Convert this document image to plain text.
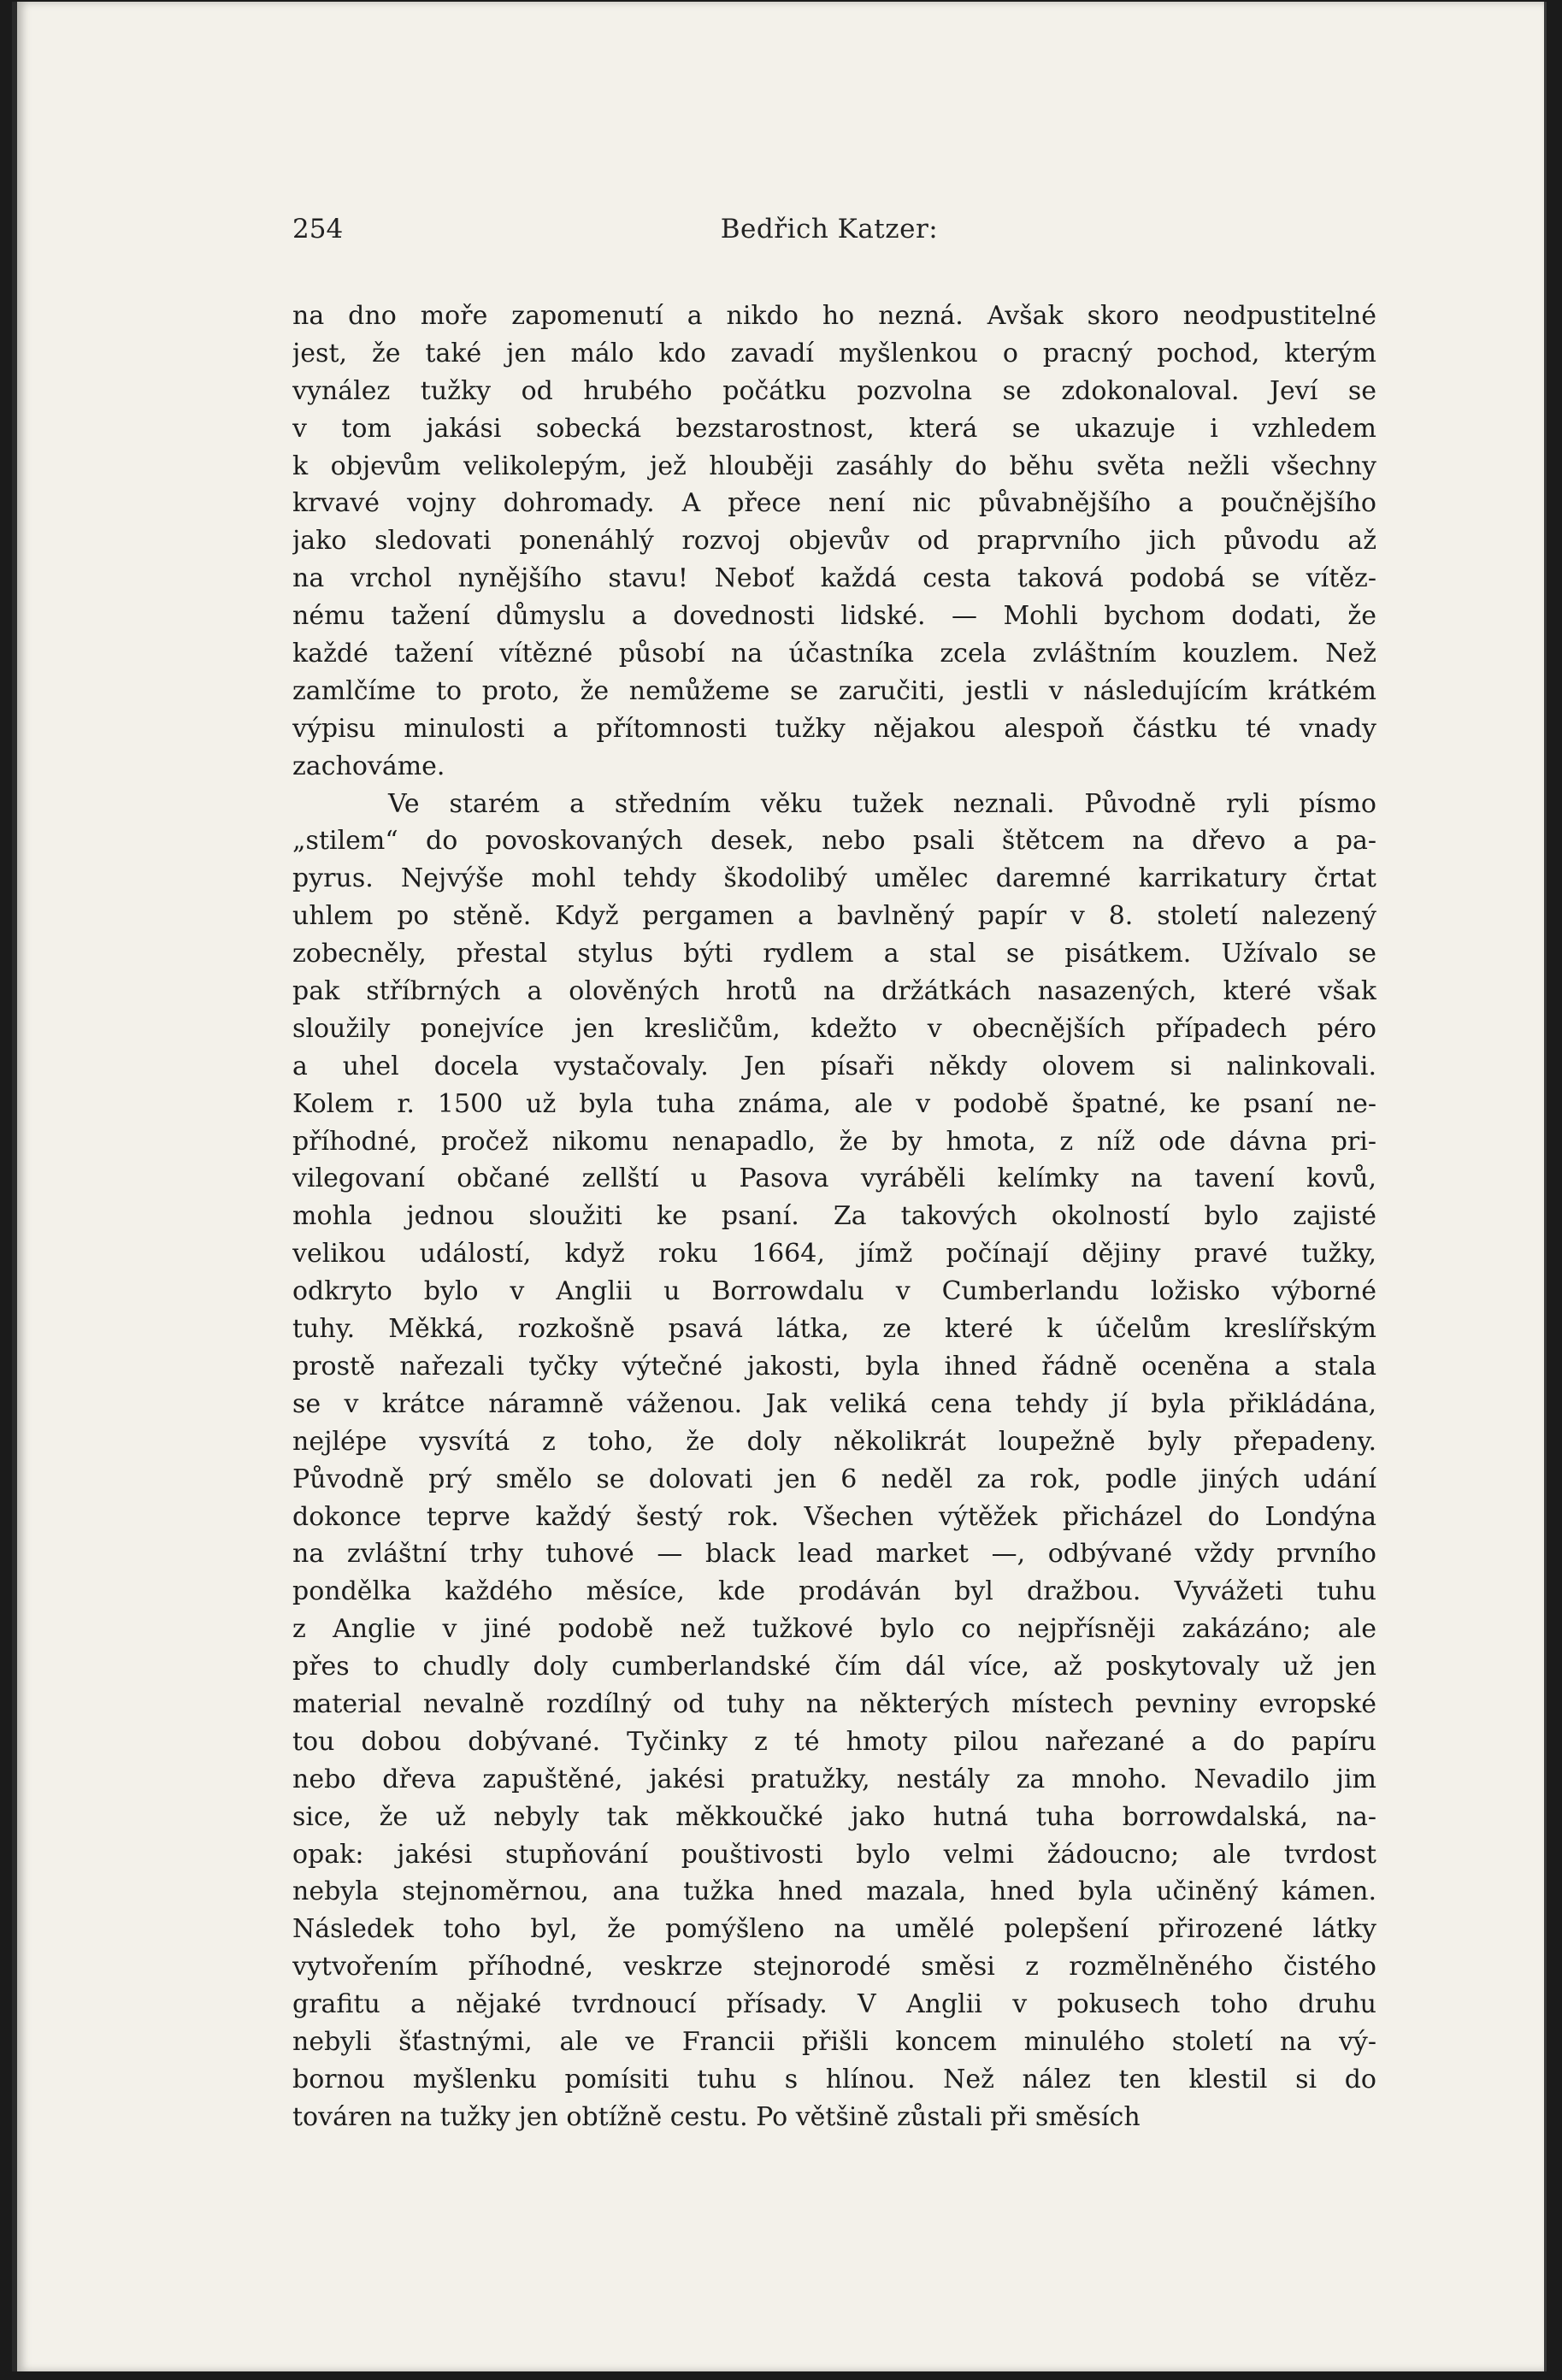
254	Bedřich Katzer:
na dno moře zapomenutí a nikdo ho nezná. Avšak skoro neodpustitelné
jest, že také jen málo kdo zavadí myšlenkou o pracný pochod, kterým
vynález tužky od hrubého počátku pozvolna se zdokonaloval. Jeví se
v tom jakási sobecká bezstarostnost, která se ukazuje i vzhledem
k objevům velikolepým, jež hlouběji zasáhly do běhu světa nežli všechny
krvavé vojny dohromady. A přece není nic půvabnějšího a poučnějšího
jako sledovati ponenáhlý rozvoj objevův od praprvního jich původu až
na vrchol nynějšího stavu! Neboť každá cesta taková podobá se vítěz-
nému tažení důmyslu a dovednosti lidské. — Mohli bychom dodati, že
každé tažení vítězné působí na účastníka zcela zvláštním kouzlem. Než
zamlčíme to proto, že nemůžeme se zaručiti, jestli v následujícím krátkém
výpisu minulosti a přítomnosti tužky nějakou alespoň částku té vnady
zachováme.
Ve starém a středním věku tužek neznali. Původně ryli písmo
„stilem“ do povoskovaných desek, nebo psali štětcem na dřevo a pa-
pyrus. Nejvýše mohl tehdy škodolibý umělec daremné karrikatury črtat
uhlem po stěně. Když pergamen a bavlněný papír v 8. století nalezený
zobecněly, přestal stylus býti rydlem a stal se pisátkem. Užívalo se
pak stříbrných a olověných hrotů na držátkách nasazených, které však
sloužily ponejvíce jen kresličům, kdežto v obecnějších případech péro
a uhel docela vystačovaly. Jen písaři někdy olovem si nalinkovali.
Kolem r. 1500 už byla tuha známa, ale v podobě špatné, ke psaní ne-
příhodné, pročež nikomu nenapadlo, že by hmota, z níž ode dávna pri-
vilegovaní občané zellští u Pasova vyráběli kelímky na tavení kovů,
mohla jednou sloužiti ke psaní. Za takových okolností bylo zajisté
velikou událostí, když roku 1664, jímž počínají dějiny pravé tužky,
odkryto bylo v Anglii u Borrowdalu v Cumberlandu ložisko výborné
tuhy. Měkká, rozkošně psavá látka, ze které k účelům kreslířským
prostě nařezali tyčky výtečné jakosti, byla ihned řádně oceněna a stala
se v krátce náramně váženou. Jak veliká cena tehdy jí byla přikládána,
nejlépe vysvítá z toho, že doly několikrát loupežně byly přepadeny.
Původně prý smělo se dolovati jen 6 neděl za rok, podle jiných udání
dokonce teprve každý šestý rok. Všechen výtěžek přicházel do Londýna
na zvláštní trhy tuhové — black lead market —, odbývané vždy prvního
pondělka každého měsíce, kde prodáván byl dražbou. Vyvážeti tuhu
z Anglie v jiné podobě než tužkové bylo co nejpřísněji zakázáno; ale
přes to chudly doly cumberlandské čím dál více, až poskytovaly už jen
material nevalně rozdílný od tuhy na některých místech pevniny evropské
tou dobou dobývané. Tyčinky z té hmoty pilou nařezané a do papíru
nebo dřeva zapuštěné, jakési pratužky, nestály za mnoho. Nevadilo jim
sice, že už nebyly tak měkkoučké jako hutná tuha borrowdalská, na-
opak: jakési stupňování pouštivosti bylo velmi žádoucno; ale tvrdost
nebyla stejnoměrnou, ana tužka hned mazala, hned byla učiněný kámen.
Následek toho byl, že pomýšleno na umělé polepšení přirozené látky
vytvořením příhodné, veskrze stejnorodé směsi z rozmělněného čistého
grafitu a nějaké tvrdnoucí přísady. V Anglii v pokusech toho druhu
nebyli šťastnými, ale ve Francii přišli koncem minulého století na vý-
bornou myšlenku pomísiti tuhu s hlínou. Než nález ten klestil si do
továren na tužky jen obtížně cestu. Po většině zůstali při směsích
